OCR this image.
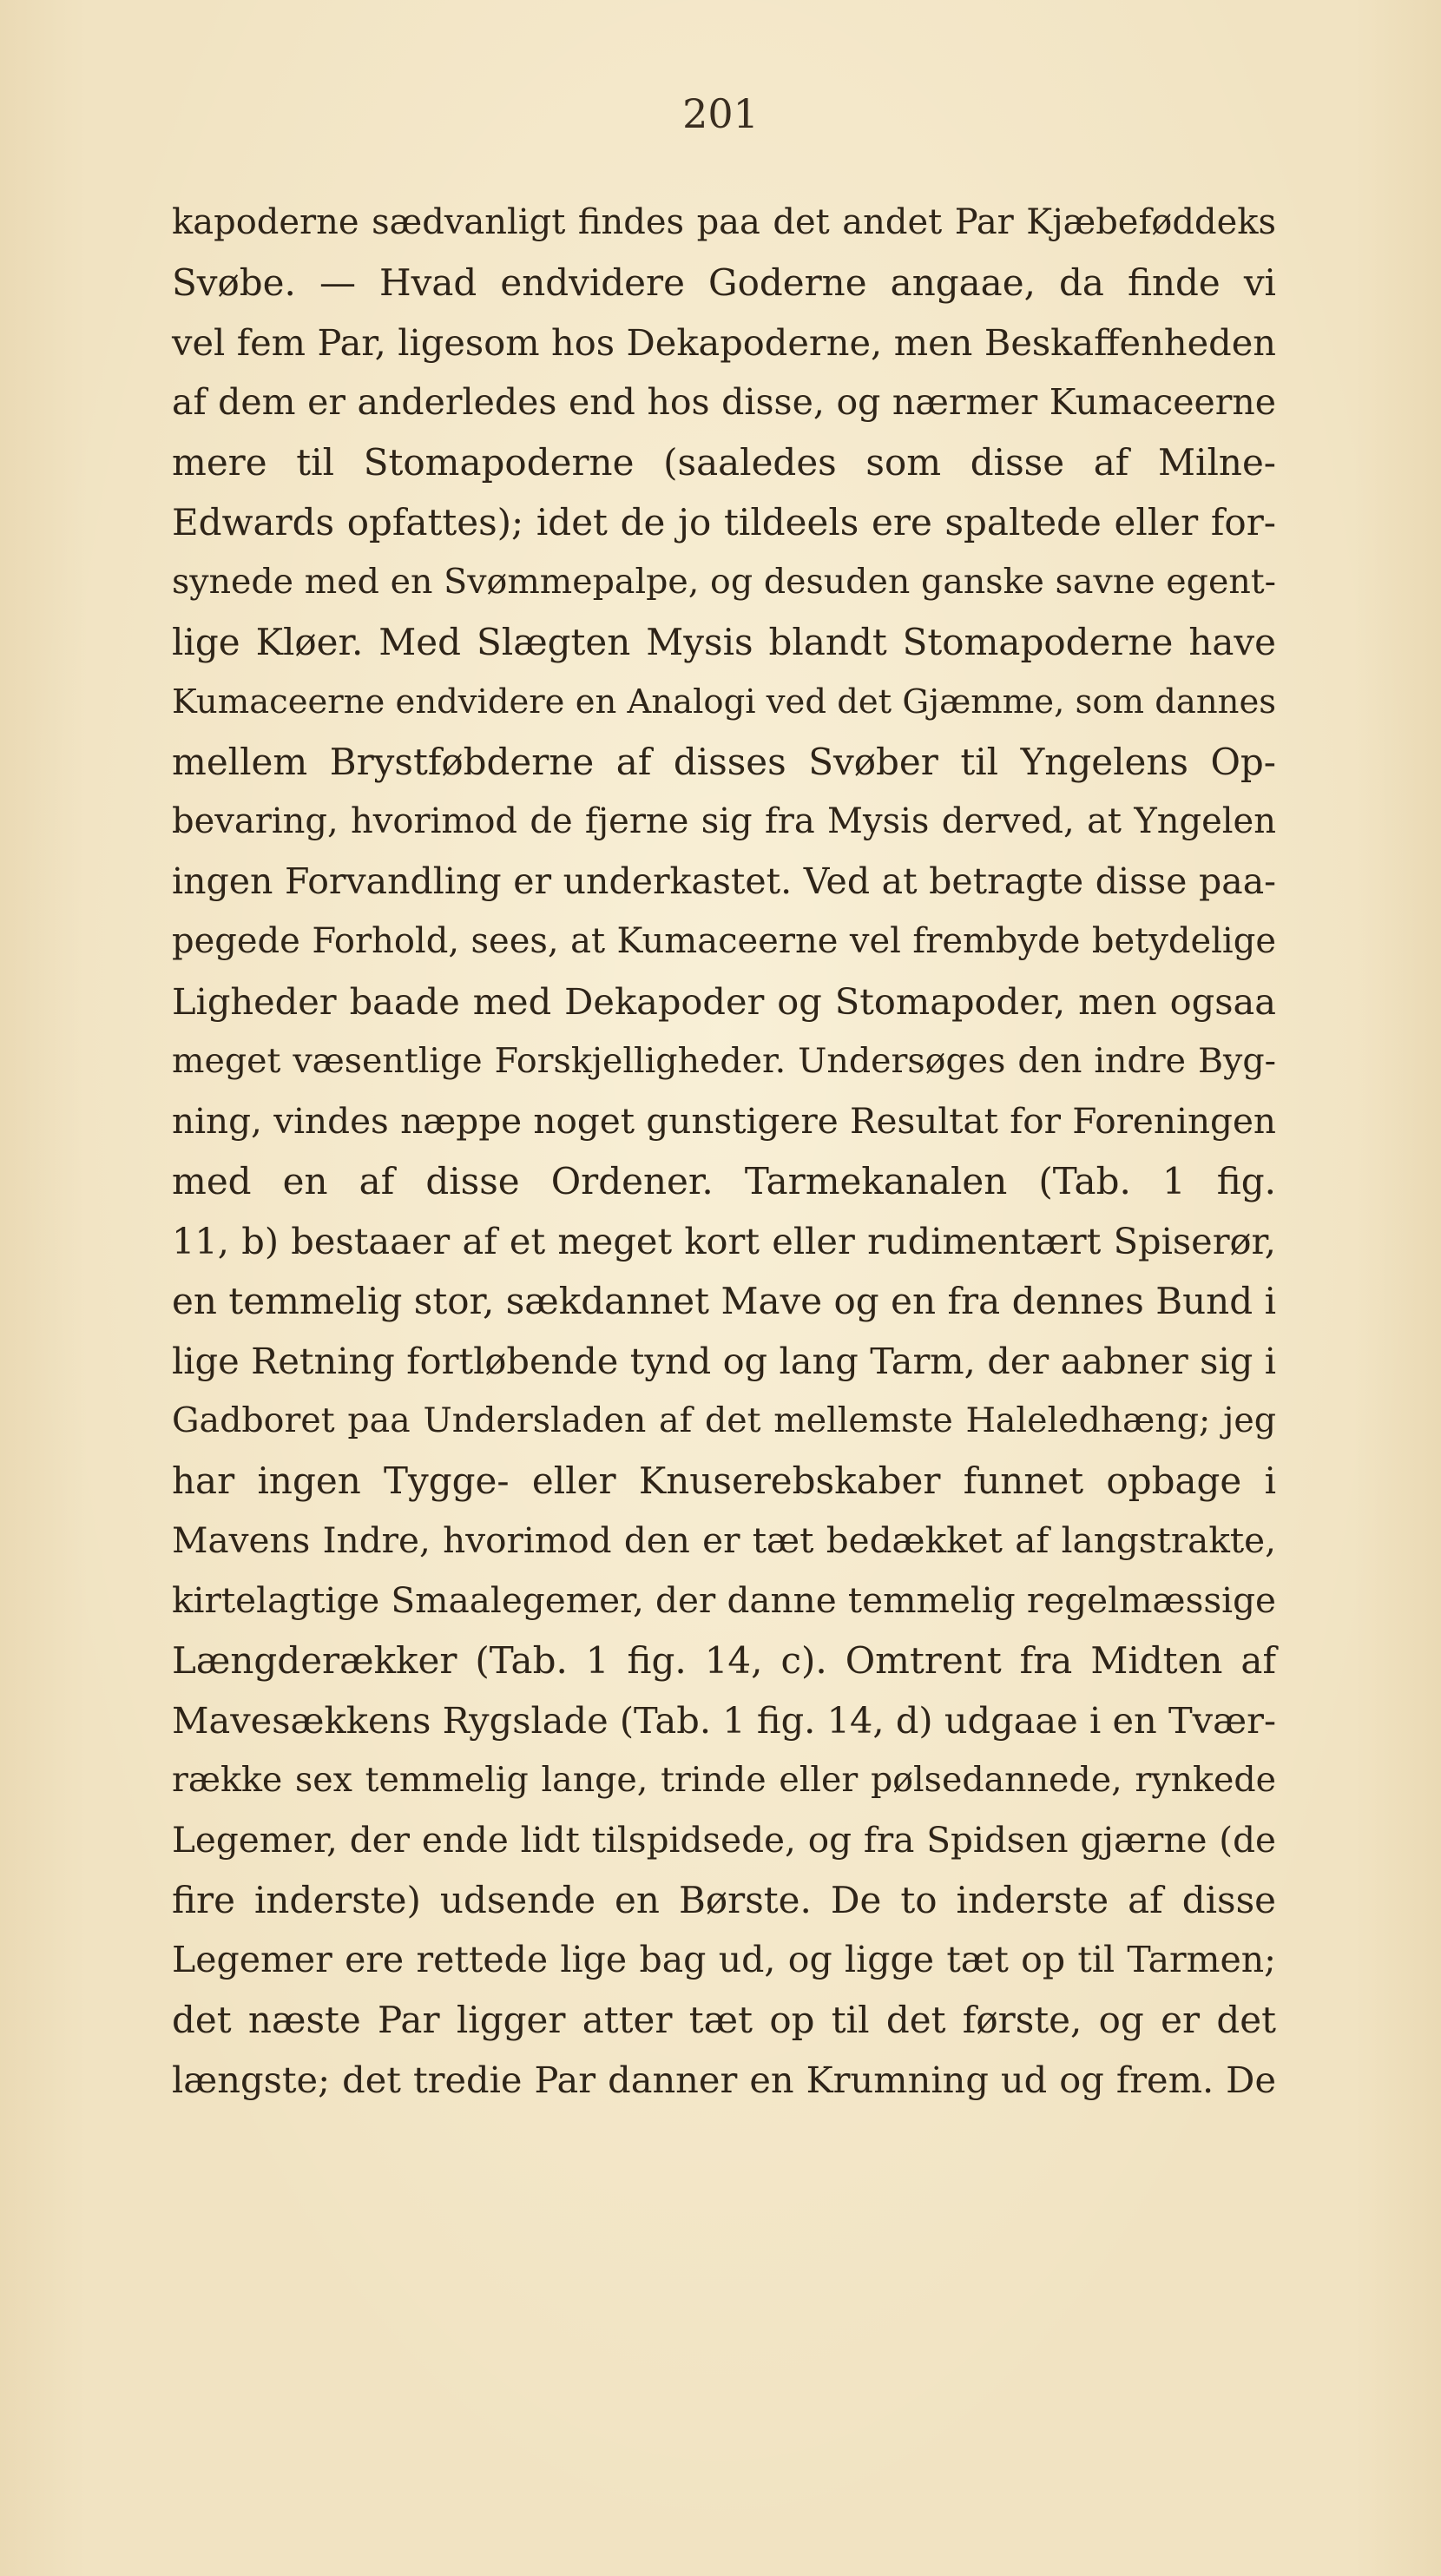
201
kapoderne sædvanligt findes paa det andet Par Kjæbeføddeks
Svøbe. — Hvad endvidere Goderne angaae, da finde vi
vel fem Par, ligesom hos Dekapoderne, men Beskaffenheden
af dem er anderledes end hos disse, og nærmer Kumaceerne
mere til Stomapoderne (saaledes som disse af Milne-
Edwards opfattes); idet de jo tildeels ere spaltede eller for-
synede med en Svømmepalpe, og desuden ganske savne egent-
lige Kløer. Med Slægten Mysis blandt Stomapoderne have
Kumaceerne endvidere en Analogi ved det Gjæmme, som dannes
mellem Brystføbderne af disses Svøber til Yngelens Op-
bevaring, hvorimod de fjerne sig fra Mysis derved, at Yngelen
ingen Forvandling er underkastet. Ved at betragte disse paa-
pegede Forhold, sees, at Kumaceerne vel frembyde betydelige
Ligheder baade med Dekapoder og Stomapoder, men ogsaa
meget væsentlige Forskjelligheder. Undersøges den indre Byg-
ning, vindes næppe noget gunstigere Resultat for Foreningen
med en af disse Ordener. Tarmekanalen (Tab. 1 fig.
11, b) bestaaer af et meget kort eller rudimentært Spiserør,
en temmelig stor, sækdannet Mave og en fra dennes Bund i
lige Retning fortløbende tynd og lang Tarm, der aabner sig i
Gadboret paa Undersladen af det mellemste Haleledhæng; jeg
har ingen Tygge- eller Knuserebskaber funnet opbage i
Mavens Indre, hvorimod den er tæt bedækket af langstrakte,
kirtelagtige Smaalegemer, der danne temmelig regelmæssige
Længderækker (Tab. 1 fig. 14, c). Omtrent fra Midten af
Mavesækkens Rygslade (Tab. 1 fig. 14, d) udgaae i en Tvær-
række sex temmelig lange, trinde eller pølsedannede, rynkede
Legemer, der ende lidt tilspidsede, og fra Spidsen gjærne (de
fire inderste) udsende en Børste. De to inderste af disse
Legemer ere rettede lige bag ud, og ligge tæt op til Tarmen;
det næste Par ligger atter tæt op til det første, og er det
længste; det tredie Par danner en Krumning ud og frem. De
